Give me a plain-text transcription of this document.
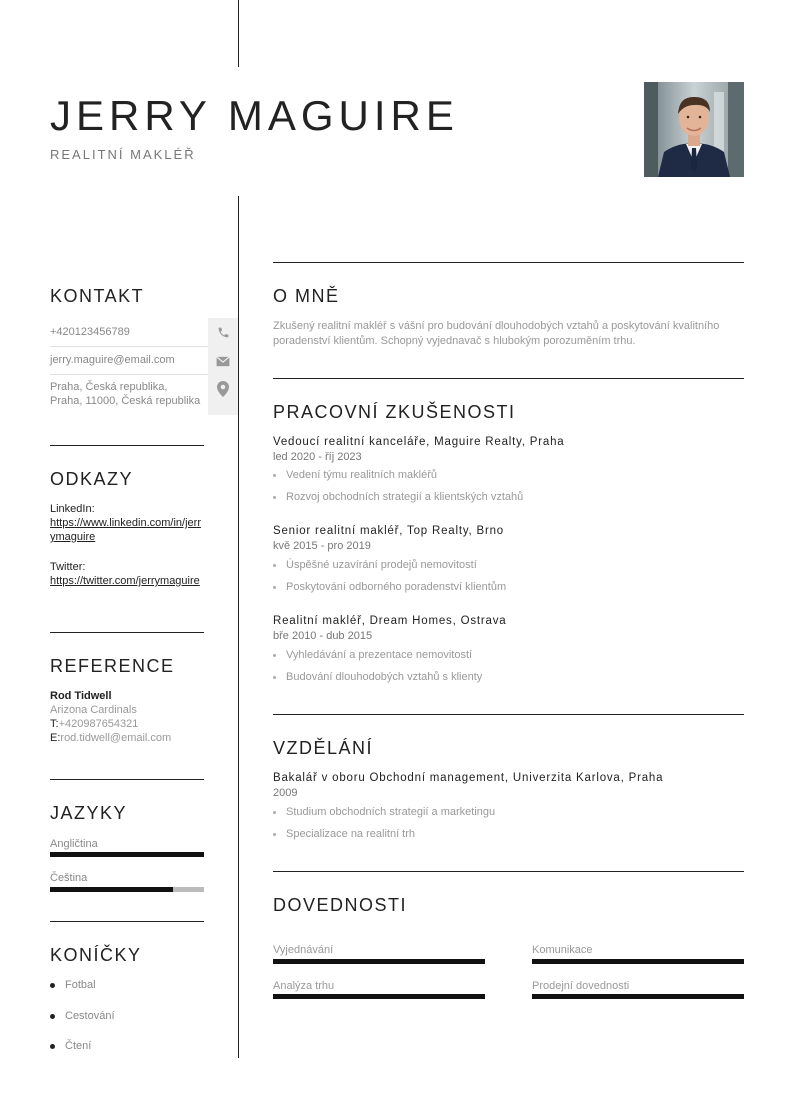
JERRY MAGUIRE
REALITNÍ MAKLÉŘ
KONTAKT
+420123456789
jerry.maguire@email.com
Praha, Česká republika,
Praha, 11000, Česká republika
ODKAZY
LinkedIn:
https://www.linkedin.com/in/jerrymaguire
Twitter:
https://twitter.com/jerrymaguire
REFERENCE
Rod Tidwell
Arizona Cardinals
T:+420987654321
E:rod.tidwell@email.com
JAZYKY
Angličtina
Čeština
KONÍČKY
Fotbal
Cestování
Čtení
O MNĚ
Zkušený realitní makléř s vášní pro budování dlouhodobých vztahů a poskytování kvalitního poradenství klientům. Schopný vyjednavač s hlubokým porozuměním trhu.
PRACOVNÍ ZKUŠENOSTI
Vedoucí realitní kanceláře, Maguire Realty, Praha
led 2020 - říj 2023
Vedení týmu realitních makléřů
Rozvoj obchodních strategií a klientských vztahů
Senior realitní makléř, Top Realty, Brno
kvě 2015 - pro 2019
Úspěšné uzavírání prodejů nemovitostí
Poskytování odborného poradenství klientům
Realitní makléř, Dream Homes, Ostrava
bře 2010 - dub 2015
Vyhledávání a prezentace nemovitostí
Budování dlouhodobých vztahů s klienty
VZDĚLÁNÍ
Bakalář v oboru Obchodní management, Univerzita Karlova, Praha
2009
Studium obchodních strategií a marketingu
Specializace na realitní trh
DOVEDNOSTI
Vyjednávání	Komunikace
Analýza trhu	Prodejní dovednosti
